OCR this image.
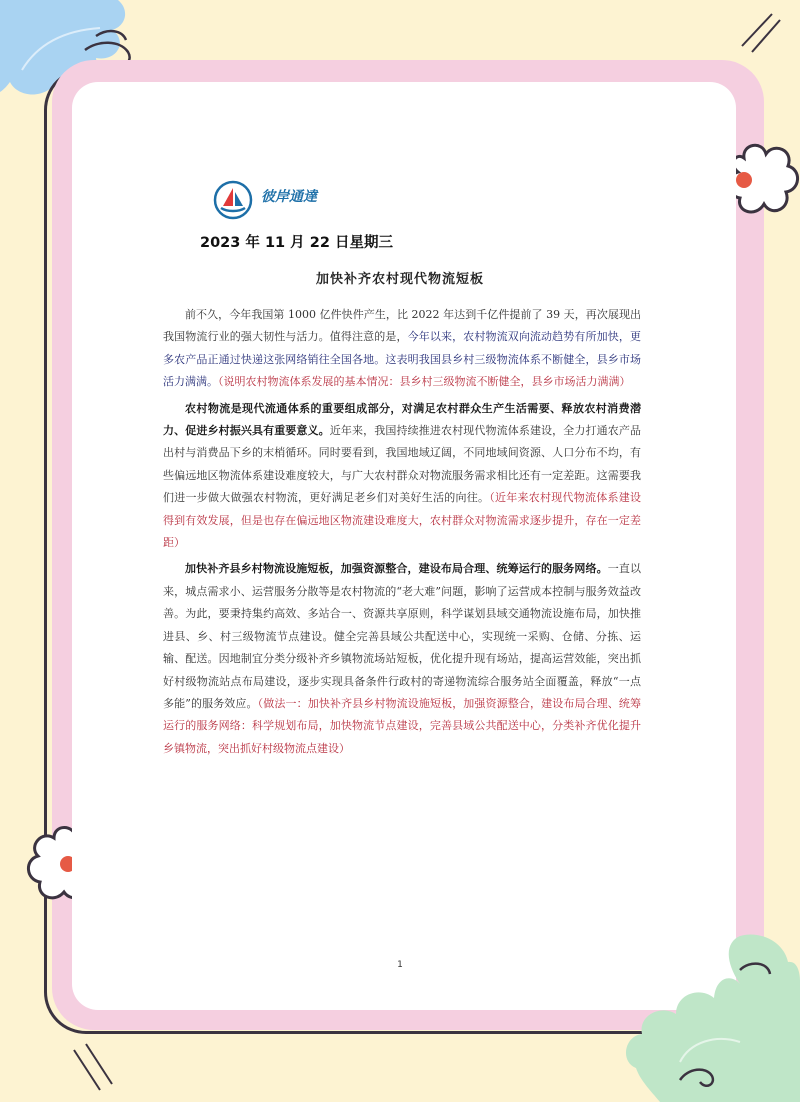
彼岸通達
2023 年 11 月 22 日星期三
加快补齐农村现代物流短板

前不久，今年我国第 1000 亿件快件产生，比 2022 年达到千亿件提前了 39 天，再次展现出我国物流行业的强大韧性与活力。值得注意的是，今年以来，农村物流双向流动趋势有所加快，更多农产品正通过快递这张网络销往全国各地。这表明我国县乡村三级物流体系不断健全，县乡市场活力满满。（说明农村物流体系发展的基本情况：县乡村三级物流不断健全，县乡市场活力满满）

农村物流是现代流通体系的重要组成部分，对满足农村群众生产生活需要、释放农村消费潜力、促进乡村振兴具有重要意义。近年来，我国持续推进农村现代物流体系建设，全力打通农产品出村与消费品下乡的末梢循环。同时要看到，我国地域辽阔，不同地域间资源、人口分布不均，有些偏远地区物流体系建设难度较大，与广大农村群众对物流服务需求相比还有一定差距。这需要我们进一步做大做强农村物流，更好满足老乡们对美好生活的向往。（近年来农村现代物流体系建设得到有效发展，但是也存在偏远地区物流建设难度大，农村群众对物流需求逐步提升，存在一定差距）

加快补齐县乡村物流设施短板，加强资源整合，建设布局合理、统筹运行的服务网络。一直以来，城点需求小、运营服务分散等是农村物流的“老大难”问题，影响了运营成本控制与服务效益改善。为此，要秉持集约高效、多站合一、资源共享原则，科学谋划县域交通物流设施布局，加快推进县、乡、村三级物流节点建设。健全完善县域公共配送中心，实现统一采购、仓储、分拣、运输、配送。因地制宜分类分级补齐乡镇物流场站短板，优化提升现有场站，提高运营效能，突出抓好村级物流站点布局建设，逐步实现具备条件行政村的寄递物流综合服务站全面覆盖，释放“一点多能”的服务效应。（做法一：加快补齐县乡村物流设施短板，加强资源整合，建设布局合理、统筹运行的服务网络：科学规划布局，加快物流节点建设，完善县域公共配送中心，分类补齐优化提升乡镇物流，突出抓好村级物流点建设）

1
